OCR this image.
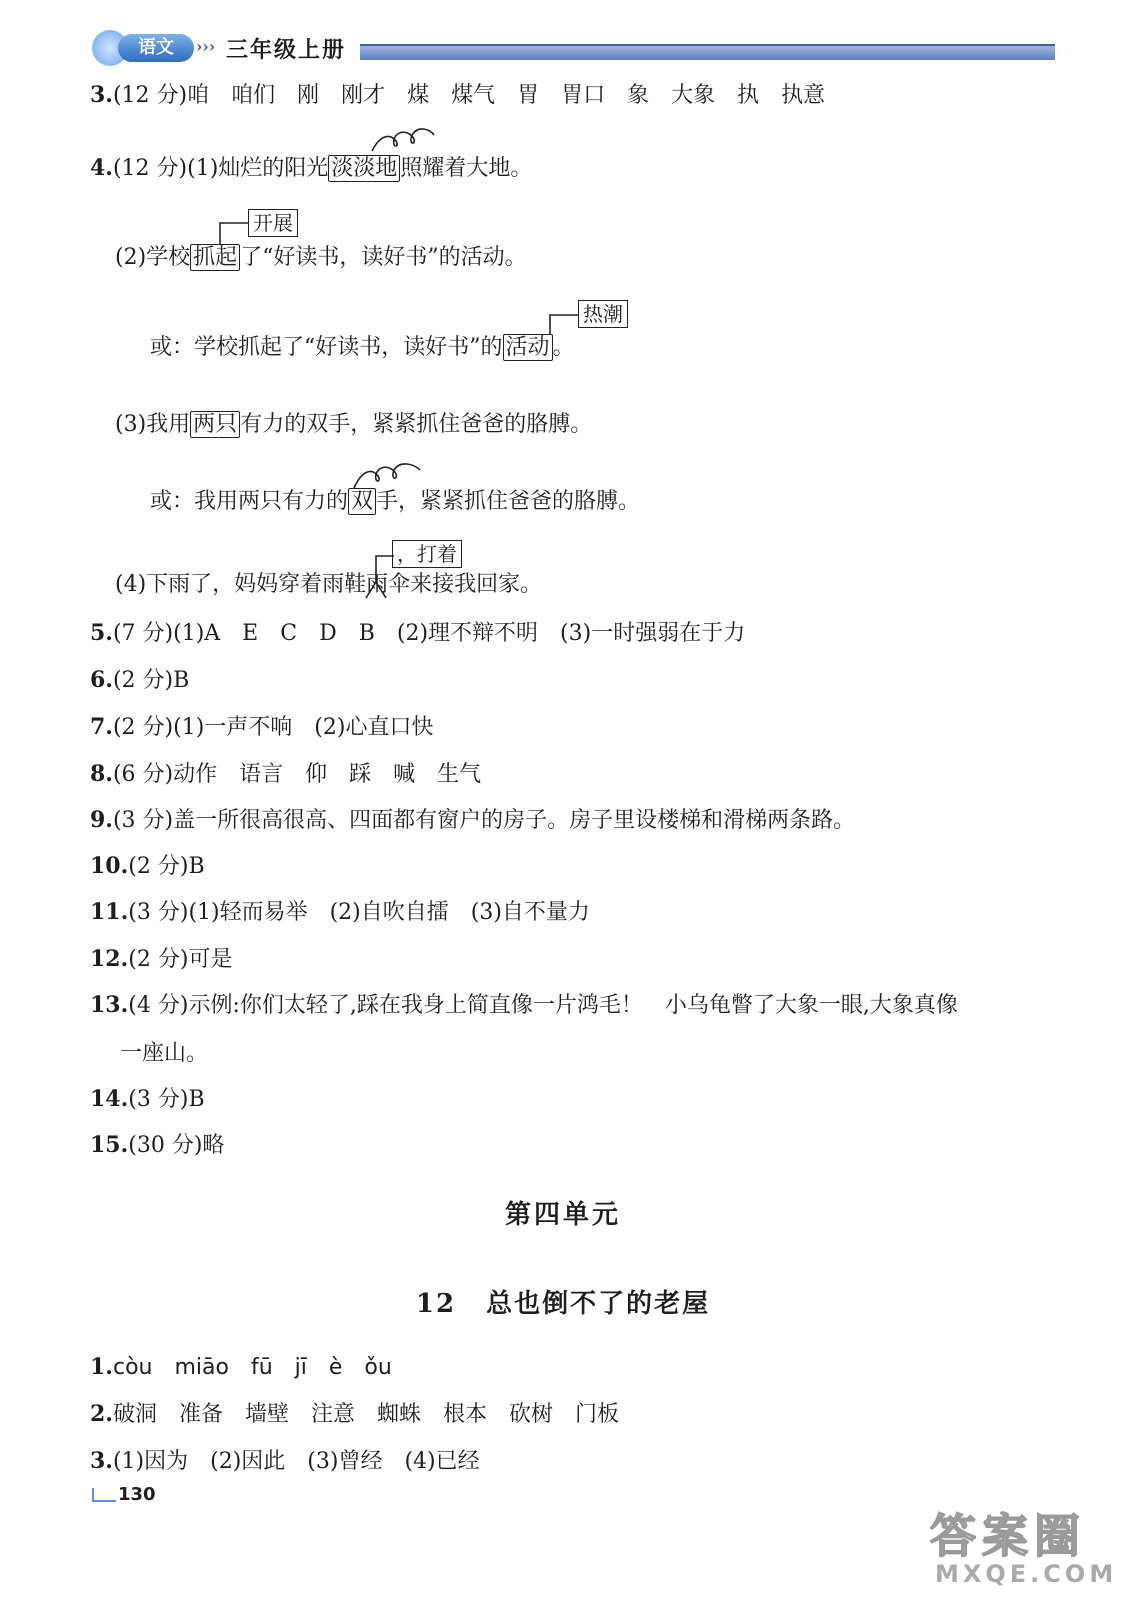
语文	››› 三年级上册
3.(12 分)咱　咱们　刚　刚才　煤　煤气　胃　胃口　象　大象　执　执意
4.(12 分)(1)灿烂的阳光 淡淡地 照耀着大地。
开展
(2)学校 抓起 了“好读书，读好书”的活动。
热潮
或：学校抓起了“好读书，读好书”的 活动 。
(3)我用 两只 有力的双手，紧紧抓住爸爸的胳膊。
或：我用两只有力的 双 手，紧紧抓住爸爸的胳膊。
，打着
(4)下雨了，妈妈穿着雨鞋雨伞来接我回家。
5.(7 分)(1)A　E　C　D　B　(2)理不辩不明　(3)一时强弱在于力
6.(2 分)B
7.(2 分)(1)一声不响　(2)心直口快
8.(6 分)动作　语言　仰　踩　喊　生气
9.(3 分)盖一所很高很高、四面都有窗户的房子。房子里设楼梯和滑梯两条路。
10.(2 分)B
11.(3 分)(1)轻而易举　(2)自吹自擂　(3)自不量力
12.(2 分)可是
13.(4 分)示例:你们太轻了,踩在我身上简直像一片鸿毛！　小乌龟瞥了大象一眼,大象真像
一座山。
14.(3 分)B
15.(30 分)略
第四单元
12 总也倒不了的老屋
1.còu　miāo　fū　jī　è　ǒu
2.破洞　准备　墙壁　注意　蜘蛛　根本　砍树　门板
3.(1)因为　(2)因此　(3)曾经　(4)已经
130
答案圈
MXQE.COM
